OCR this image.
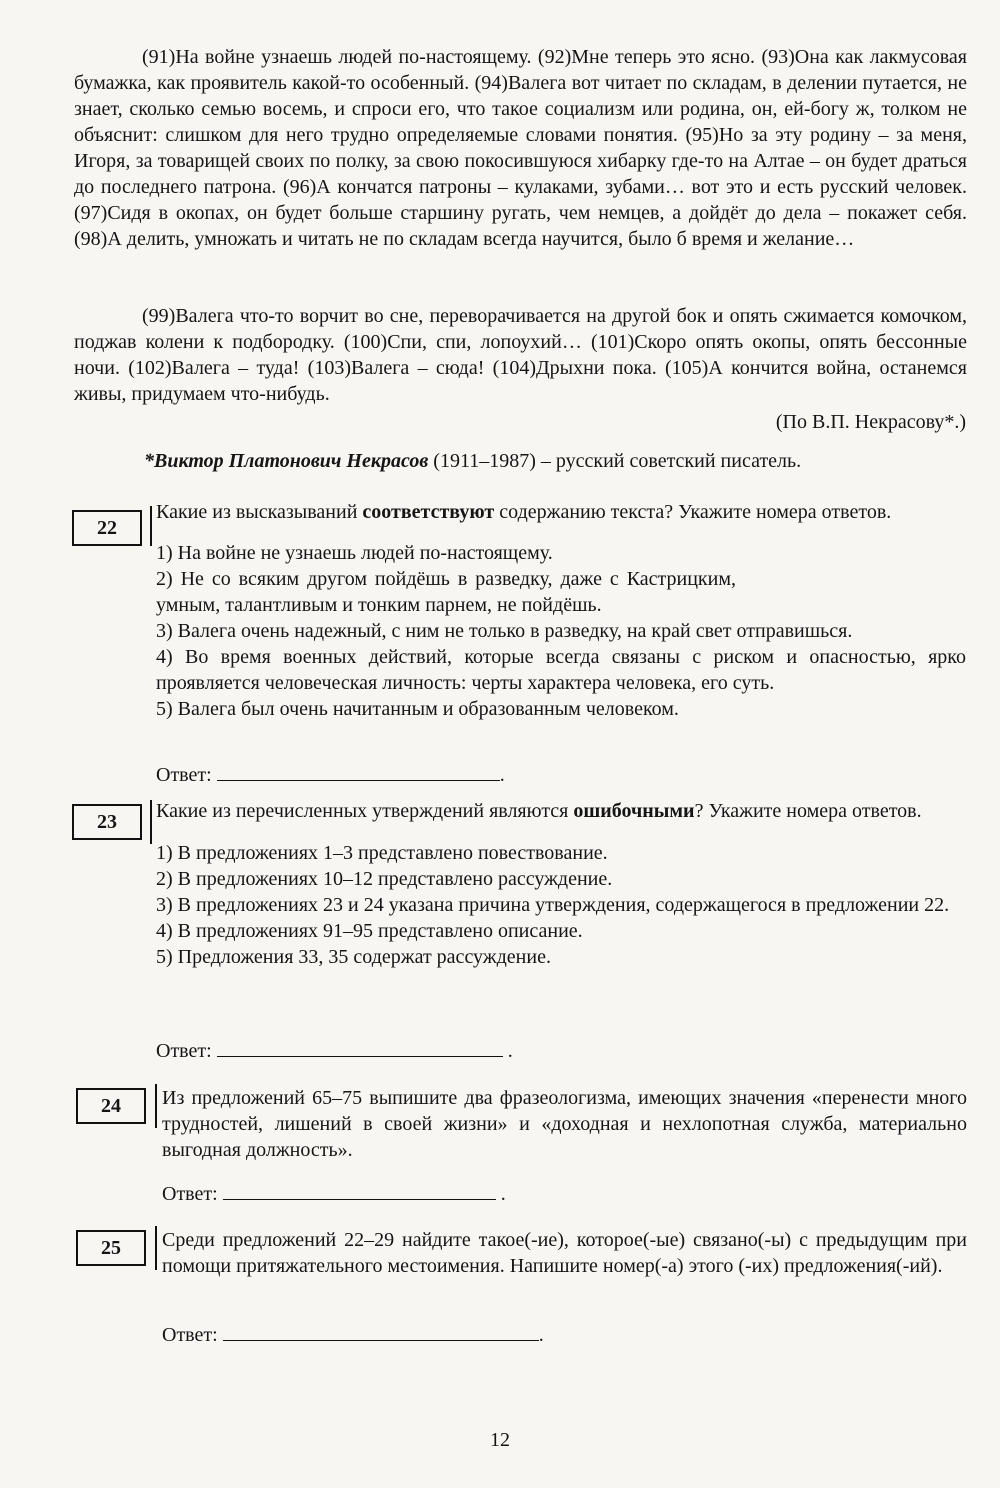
(91)На войне узнаешь людей по-настоящему. (92)Мне теперь это ясно. (93)Она как лакмусовая бумажка, как проявитель какой-то особенный. (94)Валега вот читает по складам, в делении путается, не знает, сколько семью восемь, и спроси его, что такое социализм или родина, он, ей-богу ж, толком не объяснит: слишком для него трудно определяемые словами понятия. (95)Но за эту родину – за меня, Игоря, за товарищей своих по полку, за свою покосившуюся хибарку где-то на Алтае – он будет драться до последнего патрона. (96)А кончатся патроны – кулаками, зубами… вот это и есть русский человек. (97)Сидя в окопах, он будет больше старшину ругать, чем немцев, а дойдёт до дела – покажет себя. (98)А делить, умножать и читать не по складам всегда научится, было б время и желание…

(99)Валега что-то ворчит во сне, переворачивается на другой бок и опять сжимается комочком, поджав колени к подбородку. (100)Спи, спи, лопоухий… (101)Скоро опять окопы, опять бессонные ночи. (102)Валега – туда! (103)Валега – сюда! (104)Дрыхни пока. (105)А кончится война, останемся живы, придумаем что-нибудь.

(По В.П. Некрасову*.)
*Виктор Платонович Некрасов (1911–1987) – русский советский писатель.
22

Какие из высказываний соответствуют содержанию текста? Укажите номера ответов.

1) На войне не узнаешь людей по-настоящему.
2) Не со всяким другом пойдёшь в разведку, даже с Кастрицким, умным, талантливым и тонким парнем, не пойдёшь.
3) Валега очень надежный, с ним не только в разведку, на край свет отправишься.
4) Во время военных действий, которые всегда связаны с риском и опасностью, ярко проявляется человеческая личность: черты характера человека, его суть.
5) Валега был очень начитанным и образованным человеком.
Ответ:	.
23	Какие из перечисленных утверждений являются ошибочными? Укажите номера ответов.

1) В предложениях 1–3 представлено повествование.
2) В предложениях 10–12 представлено рассуждение.
3) В предложениях 23 и 24 указана причина утверждения, содержащегося в предложении 22.
4) В предложениях 91–95 представлено описание.
5) Предложения 33, 35 содержат рассуждение.
Ответ:	.
24	Из предложений 65–75 выпишите два фразеологизма, имеющих значения «перенести много трудностей, лишений в своей жизни» и «доходная и нехлопотная служба, материально выгодная должность».

Ответ:	.
25	Среди предложений 22–29 найдите такое(-ие), которое(-ые) связано(-ы) с предыдущим при помощи притяжательного местоимения. Напишите номер(-а) этого (-их) предложения(-ий).

Ответ:	.
12
